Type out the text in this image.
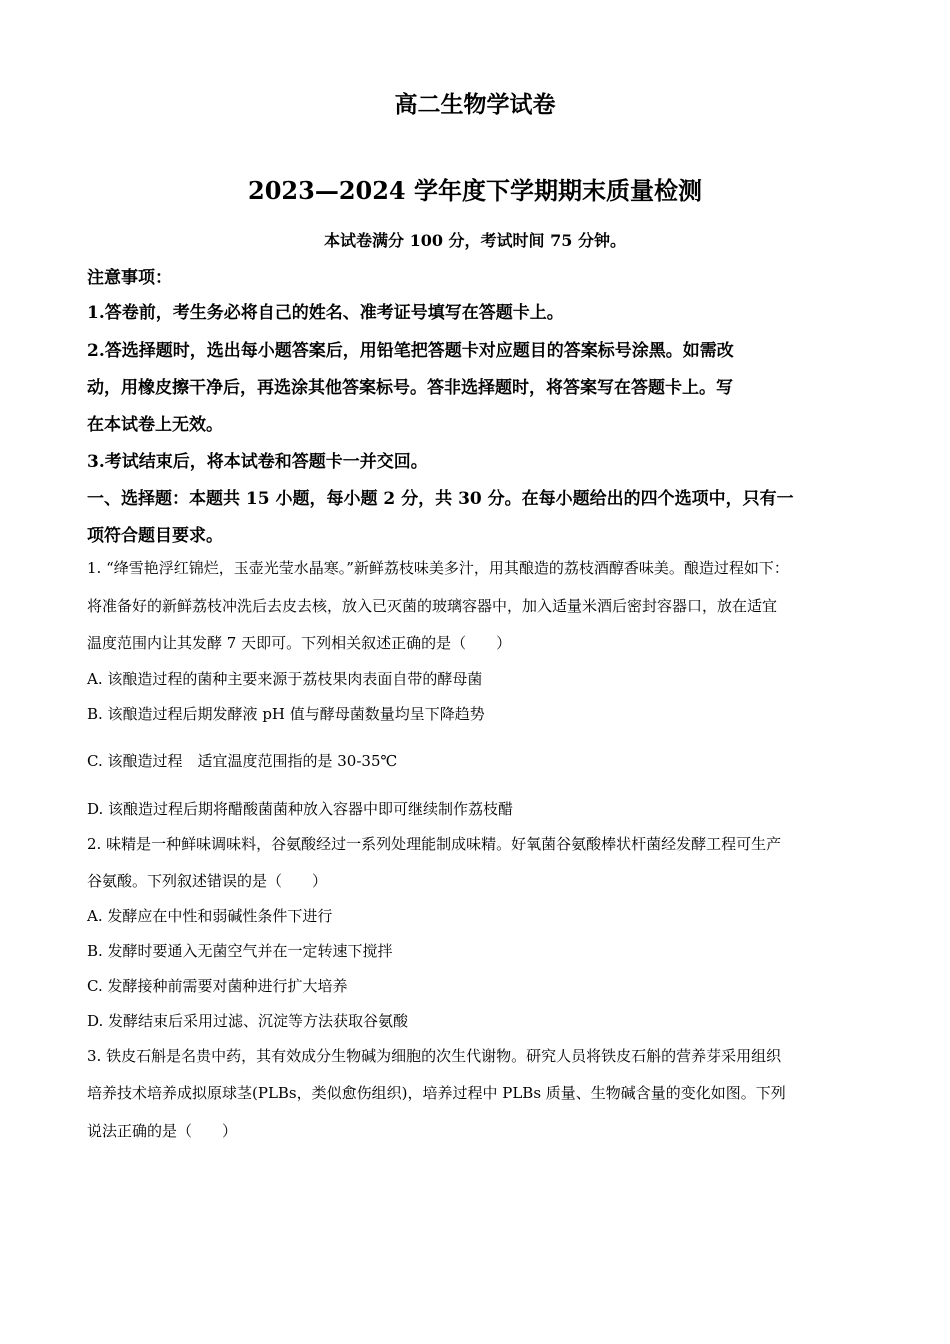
高二生物学试卷
2023—2024 学年度下学期期末质量检测
本试卷满分 100 分，考试时间 75 分钟。
注意事项：
1.答卷前，考生务必将自己的姓名、准考证号填写在答题卡上。
2.答选择题时，选出每小题答案后，用铅笔把答题卡对应题目的答案标号涂黑。如需改
动，用橡皮擦干净后，再选涂其他答案标号。答非选择题时，将答案写在答题卡上。写
在本试卷上无效。
3.考试结束后，将本试卷和答题卡一并交回。
一、选择题：本题共 15 小题，每小题 2 分，共 30 分。在每小题给出的四个选项中，只有一
项符合题目要求。
1. “绛雪艳浮红锦烂，玉壶光莹水晶寒。”新鲜荔枝味美多汁，用其酿造的荔枝酒醇香味美。酿造过程如下：
将准备好的新鲜荔枝冲洗后去皮去核，放入已灭菌的玻璃容器中，加入适量米酒后密封容器口，放在适宜
温度范围内让其发酵 7 天即可。下列相关叙述正确的是（　　）
A. 该酿造过程的菌种主要来源于荔枝果肉表面自带的酵母菌
B. 该酿造过程后期发酵液 pH 值与酵母菌数量均呈下降趋势
C. 该酿造过程　适宜温度范围指的是 30-35℃
D. 该酿造过程后期将醋酸菌菌种放入容器中即可继续制作荔枝醋
2. 味精是一种鲜味调味料，谷氨酸经过一系列处理能制成味精。好氧菌谷氨酸棒状杆菌经发酵工程可生产
谷氨酸。下列叙述错误的是（　　）
A. 发酵应在中性和弱碱性条件下进行
B. 发酵时要通入无菌空气并在一定转速下搅拌
C. 发酵接种前需要对菌种进行扩大培养
D. 发酵结束后采用过滤、沉淀等方法获取谷氨酸
3. 铁皮石斛是名贵中药，其有效成分生物碱为细胞的次生代谢物。研究人员将铁皮石斛的营养芽采用组织
培养技术培养成拟原球茎(PLBs，类似愈伤组织)，培养过程中 PLBs 质量、生物碱含量的变化如图。下列
说法正确的是（　　）
